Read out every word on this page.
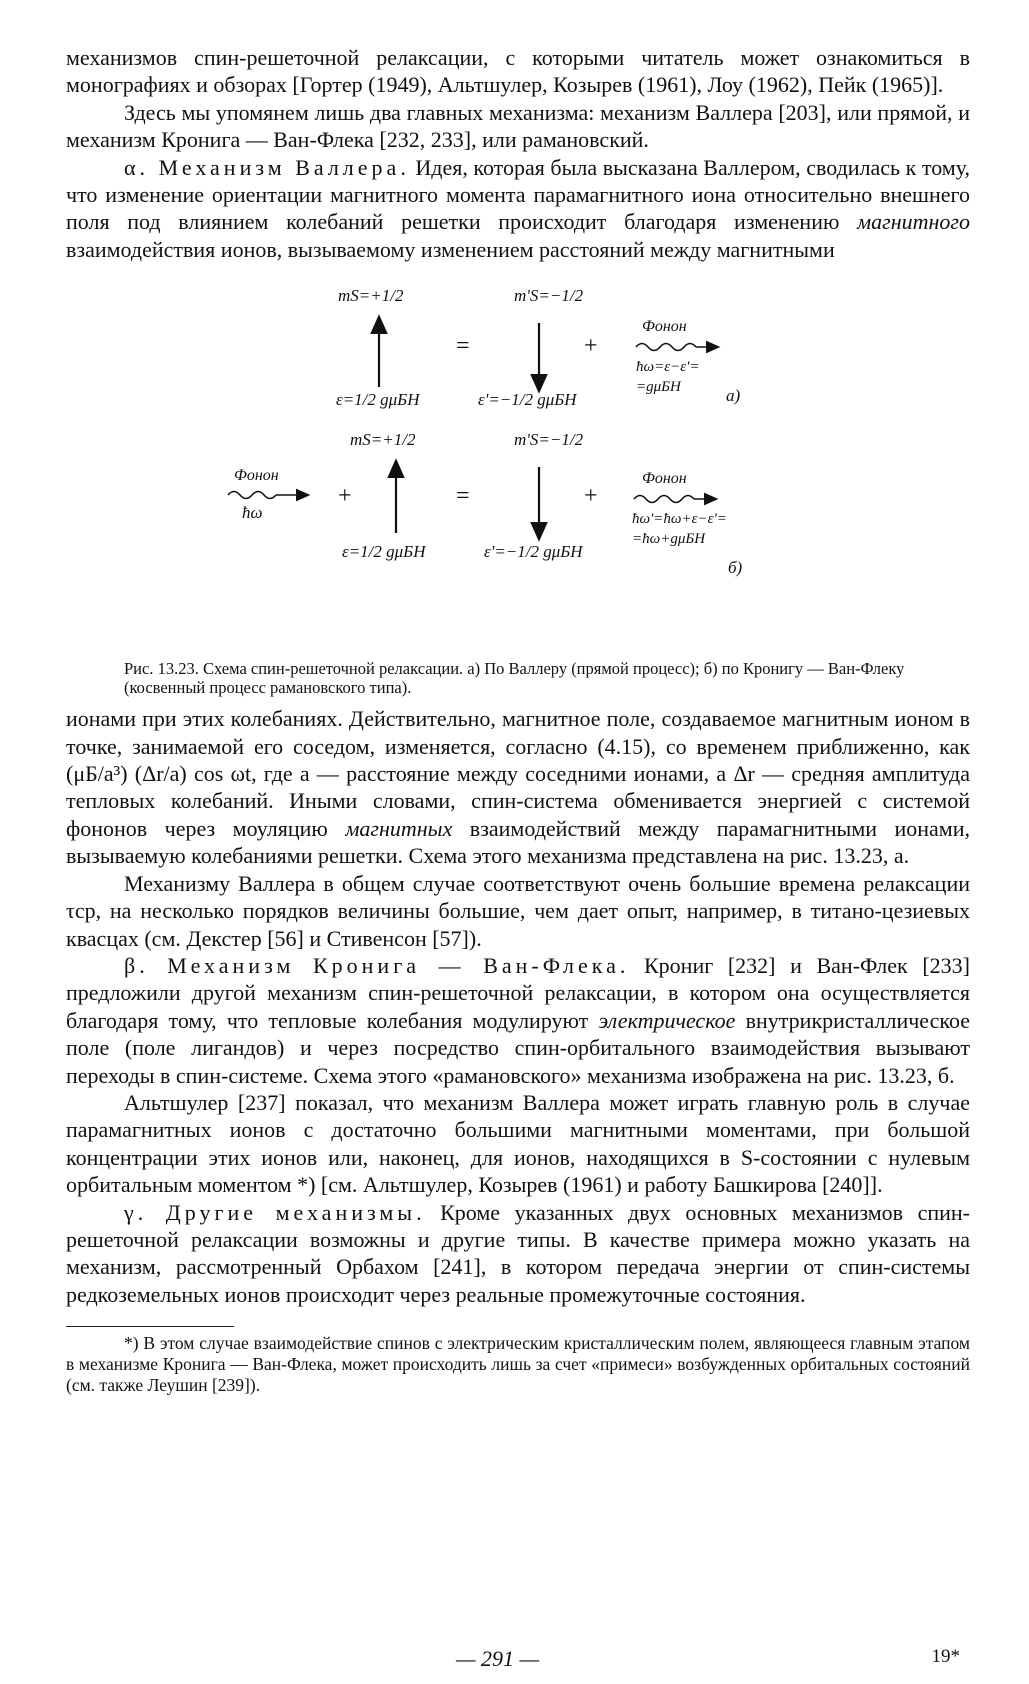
механизмов спин-решеточной релаксации, с которыми читатель может ознакомиться в монографиях и обзорах [Гортер (1949), Альтшулер, Козырев (1961), Лоу (1962), Пейк (1965)].

Здесь мы упомянем лишь два главных механизма: механизм Валлера [203], или прямой, и механизм Кронига — Ван-Флека [232, 233], или рамановский.

α. Механизм Валлера. Идея, которая была высказана Валлером, сводилась к тому, что изменение ориентации магнитного момента парамагнитного иона относительно внешнего поля под влиянием колебаний решетки происходит благодаря изменению магнитного взаимодействия ионов, вызываемому изменением расстояний между магнитными

mS=+1/2
ε=1/2 gμБH
=
m'S=−1/2
ε'=−1/2 gμБH
+
Фонон
ħω=ε−ε'=
=gμБH	а)
Фонон
ħω
+
mS=+1/2
ε=1/2 gμБH
=
m'S=−1/2
ε'=−1/2 gμБH
+
Фонон
ħω'=ħω+ε−ε'=
=ħω+gμБH
б)

Рис. 13.23. Схема спин-решеточной релаксации. а) По Валлеру (прямой процесс); б) по Кронигу — Ван-Флеку (косвенный процесс рамановского типа).

ионами при этих колебаниях. Действительно, магнитное поле, создаваемое магнитным ионом в точке, занимаемой его соседом, изменяется, согласно (4.15), со временем приближенно, как (μБ/a³) (Δr/a) cos ωt, где a — расстояние между соседними ионами, а Δr — средняя амплитуда тепловых колебаний. Иными словами, спин-система обменивается энергией с системой фононов через моуляцию магнитных взаимодействий между парамагнитными ионами, вызываемую колебаниями решетки. Схема этого механизма представлена на рис. 13.23, а.

Механизму Валлера в общем случае соответствуют очень большие времена релаксации τср, на несколько порядков величины большие, чем дает опыт, например, в титано-цезиевых квасцах (см. Декстер [56] и Стивенсон [57]).

β. Механизм Кронига — Ван-Флека. Крониг [232] и Ван-Флек [233] предложили другой механизм спин-решеточной релаксации, в котором она осуществляется благодаря тому, что тепловые колебания модулируют электрическое внутрикристаллическое поле (поле лигандов) и через посредство спин-орбитального взаимодействия вызывают переходы в спин-системе. Схема этого «рамановского» механизма изображена на рис. 13.23, б.

Альтшулер [237] показал, что механизм Валлера может играть главную роль в случае парамагнитных ионов с достаточно большими магнитными моментами, при большой концентрации этих ионов или, наконец, для ионов, находящихся в S-состоянии с нулевым орбитальным моментом *) [см. Альтшулер, Козырев (1961) и работу Башкирова [240]].

γ. Другие механизмы. Кроме указанных двух основных механизмов спин-решеточной релаксации возможны и другие типы. В качестве примера можно указать на механизм, рассмотренный Орбахом [241], в котором передача энергии от спин-системы редкоземельных ионов происходит через реальные промежуточные состояния.

*) В этом случае взаимодействие спинов с электрическим кристаллическим полем, являющееся главным этапом в механизме Кронига — Ван-Флека, может происходить лишь за счет «примеси» возбужденных орбитальных состояний (см. также Леушин [239]).

— 291 —	19*
